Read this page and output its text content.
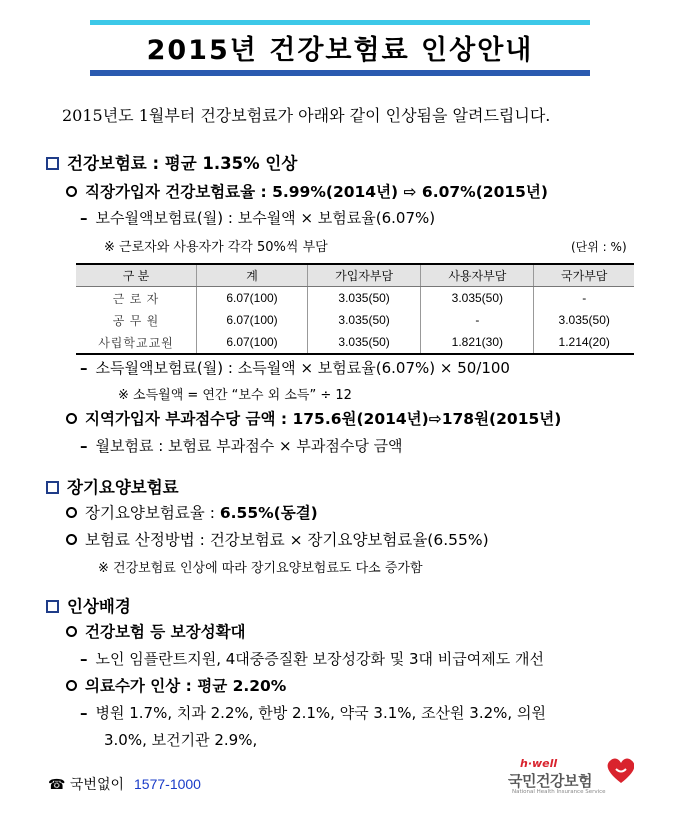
2015년 건강보험료 인상안내
2015년도 1월부터 건강보험료가 아래와 같이 인상됨을 알려드립니다.
건강보험료 : 평균 1.35% 인상
직장가입자 건강보험료율 : 5.99%(2014년) ⇨ 6.07%(2015년)
– 보수월액보험료(월) : 보수월액 × 보험료율(6.07%)
※ 근로자와 사용자가 각각 50%씩 부담	(단위 : %)
구 분	계	가입자부담	사용자부담	국가부담
근 로 자	6.07(100)	3.035(50)	3.035(50)	-
공 무 원	6.07(100)	3.035(50)	-	3.035(50)
사립학교교원	6.07(100)	3.035(50)	1.821(30)	1.214(20)
– 소득월액보험료(월) : 소득월액 × 보험료율(6.07%) × 50/100
※ 소득월액 = 연간 “보수 외 소득” ÷ 12
지역가입자 부과점수당 금액 : 175.6원(2014년)⇨178원(2015년)
– 월보험료 : 보험료 부과점수 × 부과점수당 금액
장기요양보험료
장기요양보험료율 : 6.55%(동결)
보험료 산정방법 : 건강보험료 × 장기요양보험료율(6.55%)
※ 건강보험료 인상에 따라 장기요양보험료도 다소 증가함
인상배경
건강보험 등 보장성확대
– 노인 임플란트지원, 4대중증질환 보장성강화 및 3대 비급여제도 개선
의료수가 인상 : 평균 2.20%
– 병원 1.7%, 치과 2.2%, 한방 2.1%, 약국 3.1%, 조산원 3.2%, 의원
3.0%, 보건기관 2.9%,
☎ 국번없이 1577-1000
h·well
국민건강보험
National Health Insurance Service
